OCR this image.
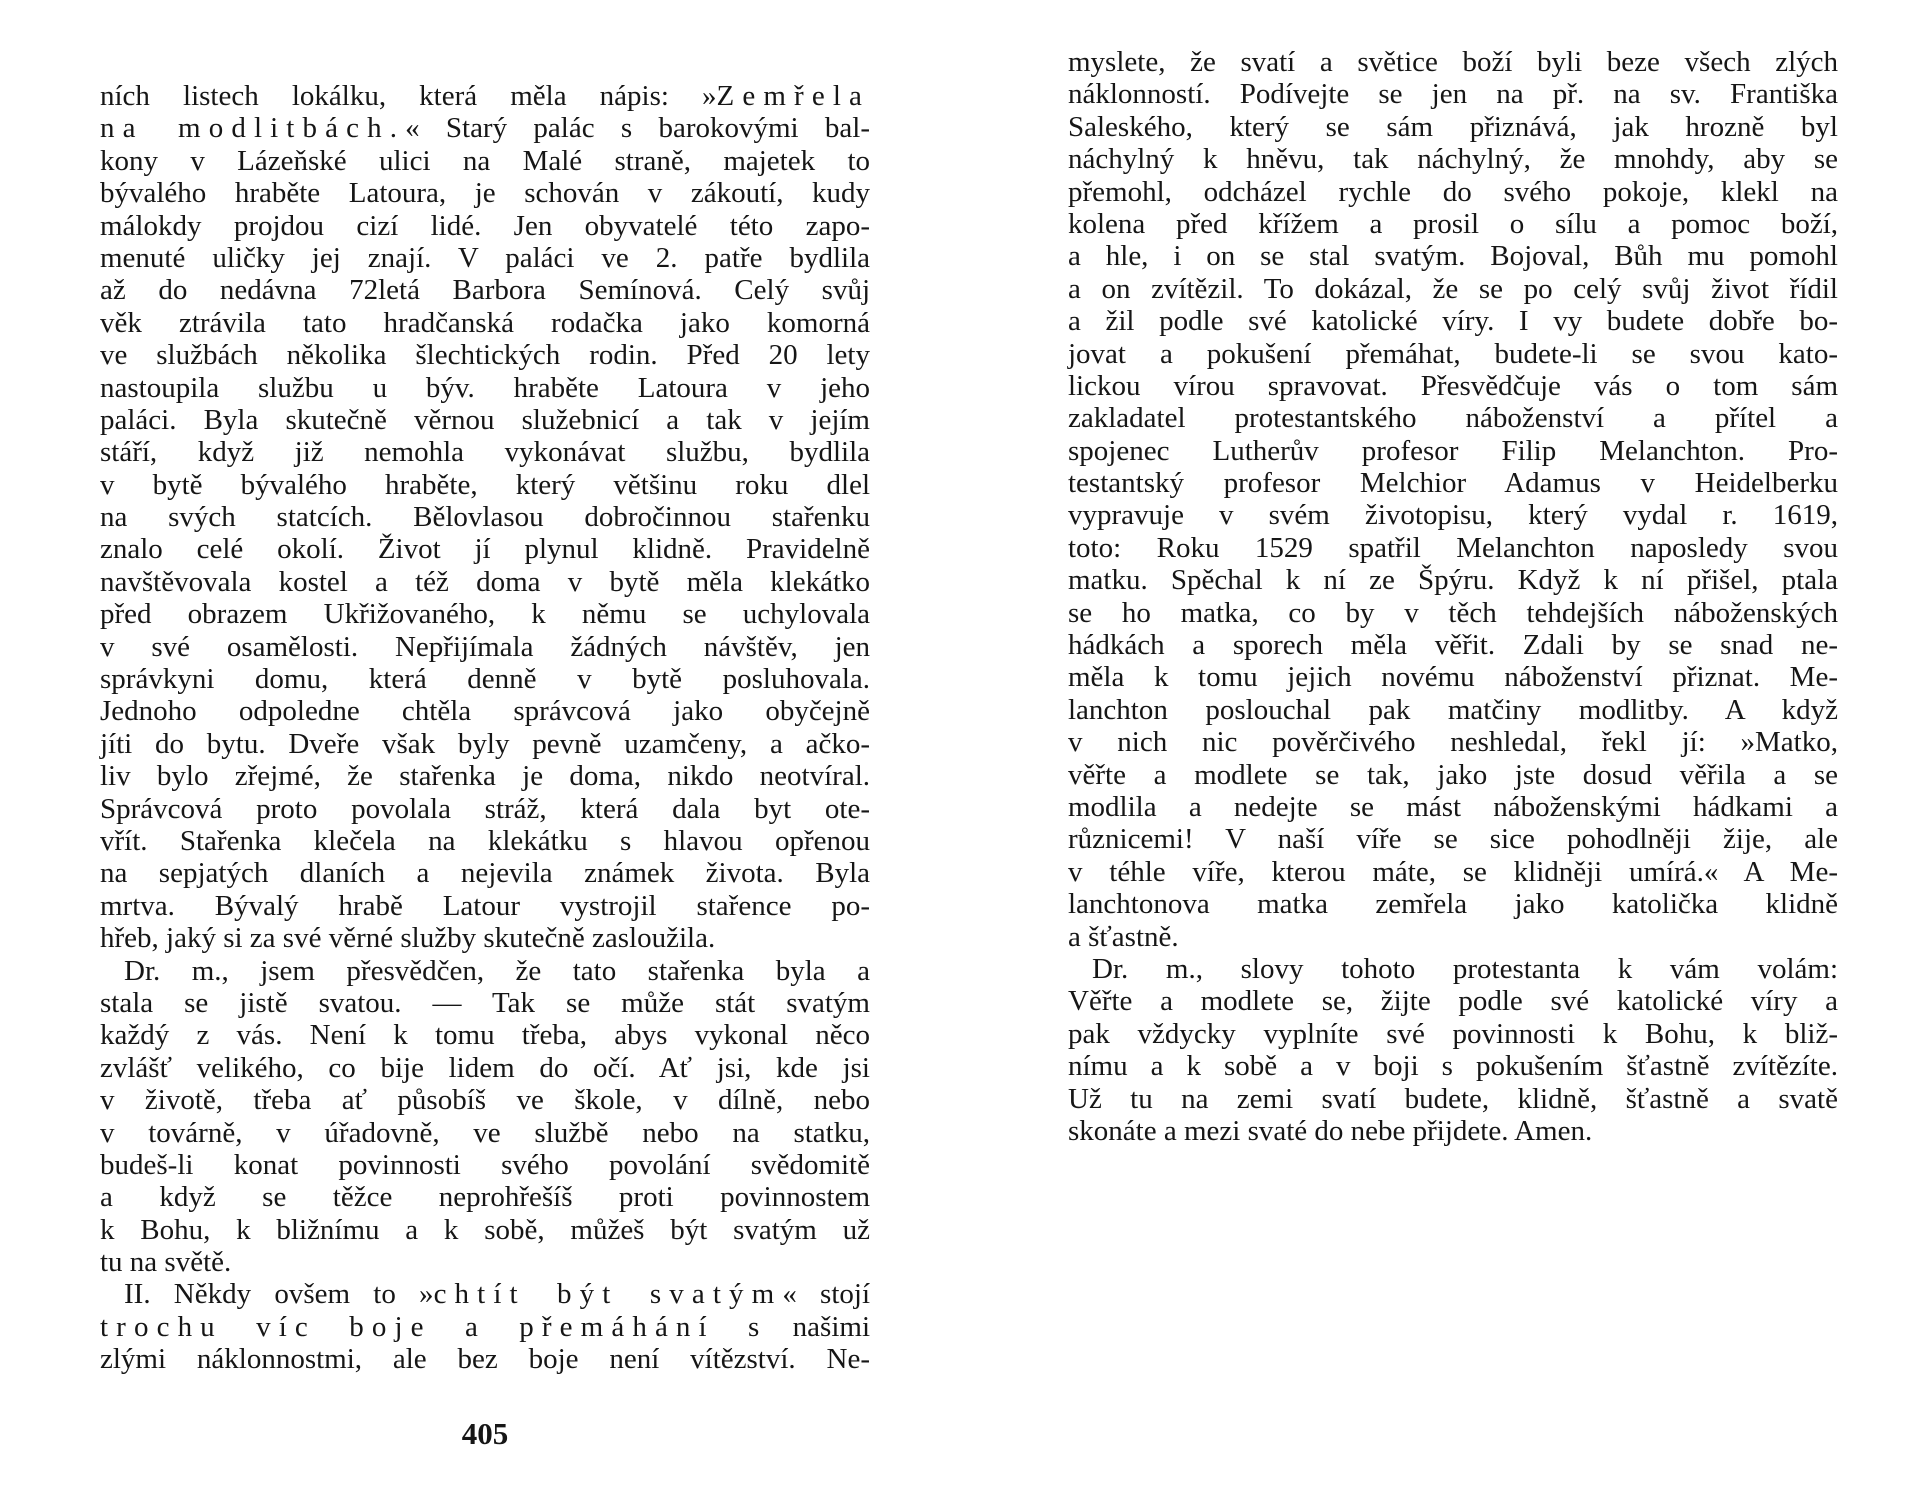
ních listech lokálku, která měla nápis: »Zemřela
na modlitbách.« Starý palác s barokovými bal-
kony v Lázeňské ulici na Malé straně, majetek to
bývalého hraběte Latoura, je schován v zákoutí, kudy
málokdy projdou cizí lidé. Jen obyvatelé této zapo-
menuté uličky jej znají. V paláci ve 2. patře bydlila
až do nedávna 72letá Barbora Semínová. Celý svůj
věk ztrávila tato hradčanská rodačka jako komorná
ve službách několika šlechtických rodin. Před 20 lety
nastoupila službu u býv. hraběte Latoura v jeho
paláci. Byla skutečně věrnou služebnicí a tak v jejím
stáří, když již nemohla vykonávat službu, bydlila
v bytě bývalého hraběte, který většinu roku dlel
na svých statcích. Bělovlasou dobročinnou stařenku
znalo celé okolí. Život jí plynul klidně. Pravidelně
navštěvovala kostel a též doma v bytě měla klekátko
před obrazem Ukřižovaného, k němu se uchylovala
v své osamělosti. Nepřijímala žádných návštěv, jen
správkyni domu, která denně v bytě posluhovala.
Jednoho odpoledne chtěla správcová jako obyčejně
jíti do bytu. Dveře však byly pevně uzamčeny, a ačko-
liv bylo zřejmé, že stařenka je doma, nikdo neotvíral.
Správcová proto povolala stráž, která dala byt ote-
vřít. Stařenka klečela na klekátku s hlavou opřenou
na sepjatých dlaních a nejevila známek života. Byla
mrtva. Bývalý hrabě Latour vystrojil stařence po-
hřeb, jaký si za své věrné služby skutečně zasloužila.
Dr. m., jsem přesvědčen, že tato stařenka byla a
stala se jistě svatou. — Tak se může stát svatým
každý z vás. Není k tomu třeba, abys vykonal něco
zvlášť velikého, co bije lidem do očí. Ať jsi, kde jsi
v životě, třeba ať působíš ve škole, v dílně, nebo
v továrně, v úřadovně, ve službě nebo na statku,
budeš-li konat povinnosti svého povolání svědomitě
a když se těžce neprohřešíš proti povinnostem
k Bohu, k bližnímu a k sobě, můžeš být svatým už
tu na světě.
II. Někdy ovšem to »chtít být svatým« stojí
trochu víc boje a přemáhání s našimi
zlými náklonnostmi, ale bez boje není vítězství. Ne-
405
myslete, že svatí a světice boží byli beze všech zlých
náklonností. Podívejte se jen na př. na sv. Františka
Saleského, který se sám přiznává, jak hrozně byl
náchylný k hněvu, tak náchylný, že mnohdy, aby se
přemohl, odcházel rychle do svého pokoje, klekl na
kolena před křížem a prosil o sílu a pomoc boží,
a hle, i on se stal svatým. Bojoval, Bůh mu pomohl
a on zvítězil. To dokázal, že se po celý svůj život řídil
a žil podle své katolické víry. I vy budete dobře bo-
jovat a pokušení přemáhat, budete-li se svou kato-
lickou vírou spravovat. Přesvědčuje vás o tom sám
zakladatel protestantského náboženství a přítel a
spojenec Lutherův profesor Filip Melanchton. Pro-
testantský profesor Melchior Adamus v Heidelberku
vypravuje v svém životopisu, který vydal r. 1619,
toto: Roku 1529 spatřil Melanchton naposledy svou
matku. Spěchal k ní ze Špýru. Když k ní přišel, ptala
se ho matka, co by v těch tehdejších náboženských
hádkách a sporech měla věřit. Zdali by se snad ne-
měla k tomu jejich novému náboženství přiznat. Me-
lanchton poslouchal pak matčiny modlitby. A když
v nich nic pověrčivého neshledal, řekl jí: »Matko,
věřte a modlete se tak, jako jste dosud věřila a se
modlila a nedejte se mást náboženskými hádkami a
různicemi! V naší víře se sice pohodlněji žije, ale
v téhle víře, kterou máte, se klidněji umírá.« A Me-
lanchtonova matka zemřela jako katolička klidně
a šťastně.
Dr. m., slovy tohoto protestanta k vám volám:
Věřte a modlete se, žijte podle své katolické víry a
pak vždycky vyplníte své povinnosti k Bohu, k bliž-
nímu a k sobě a v boji s pokušením šťastně zvítězíte.
Už tu na zemi svatí budete, klidně, šťastně a svatě
skonáte a mezi svaté do nebe přijdete. Amen.
